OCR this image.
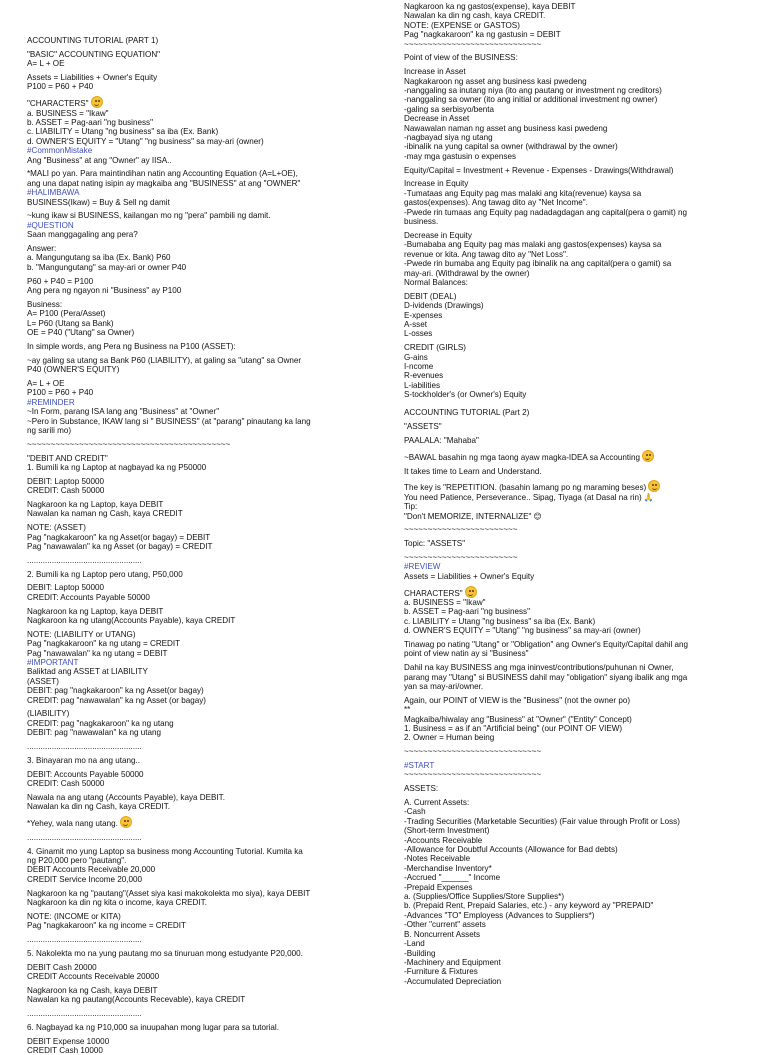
ACCOUNTING TUTORIAL (PART 1)
"BASIC" ACCOUNTING EQUATION"
A= L + OE
Assets = Liabilities + Owner's Equity
P100 = P60 + P40
"CHARACTERS"
a. BUSINESS = "Ikaw"
b. ASSET = Pag-aari "ng business"
c. LIABILITY = Utang "ng business" sa iba (Ex. Bank)
d. OWNER'S EQUITY = "Utang" "ng business" sa may-ari (owner)
#CommonMistake
Ang "Business" at ang "Owner" ay IISA..
*MALI po yan. Para maintindihan natin ang Accounting Equation (A=L+OE),
ang una dapat nating isipin ay magkaiba ang "BUSINESS" at ang "OWNER"
#HALIMBAWA
BUSINESS(Ikaw) = Buy & Sell ng damit
~kung ikaw si BUSINESS, kailangan mo ng "pera" pambili ng damit.
#QUESTION
Saan manggagaling ang pera?
Answer:
a. Mangungutang sa iba (Ex. Bank) P60
b. "Mangungutang" sa may-ari or owner P40
P60 + P40 = P100
Ang pera ng ngayon ni "Business" ay P100
Business:
A= P100 (Pera/Asset)
L= P60 (Utang sa Bank)
OE = P40 ("Utang" sa Owner)
In simple words, ang Pera ng Business na P100 (ASSET):
~ay galing sa utang sa Bank P60 (LIABILITY), at galing sa "utang" sa Owner
P40 (OWNER'S EQUITY)
A= L + OE
P100 = P60 + P40
#REMINDER
~In Form, parang ISA lang ang "Business" at "Owner"
~Pero in Substance, IKAW lang si " BUSINESS" (at "parang" pinautang ka lang
ng sarili mo)
~~~~~~~~~~~~~~~~~~~~~~~~~~~~~~~~~~~~~~~~~~~
"DEBIT AND CREDIT"
1. Bumili ka ng Laptop at nagbayad ka ng P50000
DEBIT: Laptop 50000
CREDIT: Cash 50000
Nagkaroon ka ng Laptop, kaya DEBIT
Nawalan ka naman ng Cash, kaya CREDIT
NOTE: (ASSET)
Pag "nagkakaroon" ka ng Asset(or bagay) = DEBIT
Pag "nawawalan" ka ng Asset (or bagay) = CREDIT
...................................................
2. Bumili ka ng Laptop pero utang, P50,000
DEBIT: Laptop 50000
CREDIT: Accounts Payable 50000
Nagkaroon ka ng Laptop, kaya DEBIT
Nagkaroon ka ng utang(Accounts Payable), kaya CREDIT
NOTE: (LIABILITY or UTANG)
Pag "nagkakaroon" ka ng utang = CREDIT
Pag "nawawalan" ka ng utang = DEBIT
#IMPORTANT
Baliktad ang ASSET at LIABILITY
(ASSET)
DEBIT: pag "nagkakaroon" ka ng Asset(or bagay)
CREDIT: pag "nawawalan" ka ng Asset (or bagay)
(LIABILITY)
CREDIT: pag "nagkakaroon" ka ng utang
DEBIT: pag "nawawalan" ka ng utang
...................................................
3. Binayaran mo na ang utang..
DEBIT: Accounts Payable 50000
CREDIT: Cash 50000
Nawala na ang utang (Accounts Payable), kaya DEBIT.
Nawalan ka din ng Cash, kaya CREDIT.
*Yehey, wala nang utang.
...................................................
4. Ginamit mo yung Laptop sa business mong Accounting Tutorial. Kumita ka
ng P20,000 pero "pautang".
DEBIT Accounts Receivable 20,000
CREDIT Service Income 20,000
Nagkaroon ka ng "pautang"(Asset siya kasi makokolekta mo siya), kaya DEBIT
Nagkaroon ka din ng kita o income, kaya CREDIT.
NOTE: (INCOME or KITA)
Pag "nagkakaroon" ka ng income = CREDIT
...................................................
5. Nakolekta mo na yung pautang mo sa tinuruan mong estudyante P20,000.
DEBIT Cash 20000
CREDIT Accounts Receivable 20000
Nagkaroon ka ng Cash, kaya DEBIT
Nawalan ka ng pautang(Accounts Recevable), kaya CREDIT
...................................................
6. Nagbayad ka ng P10,000 sa inuupahan mong lugar para sa tutorial.
DEBIT Expense 10000
CREDIT Cash 10000
Nagkaroon ka ng gastos(expense), kaya DEBIT
Nawalan ka din ng cash, kaya CREDIT.
NOTE: (EXPENSE or GASTOS)
Pag "nagkakaroon" ka ng gastusin = DEBIT
~~~~~~~~~~~~~~~~~~~~~~~~~~~~~
Point of view of the BUSINESS:
Increase in Asset
Nagkakaroon ng asset ang business kasi pwedeng
-nanggaling sa inutang niya (ito ang pautang or investment ng creditors)
-nanggaling sa owner (ito ang initial or additional investment ng owner)
-galing sa serbisyo/benta
Decrease in Asset
Nawawalan naman ng asset ang business kasi pwedeng
-nagbayad siya ng utang
-ibinalik na yung capital sa owner (withdrawal by the owner)
-may mga gastusin o expenses
Equity/Capital = Investment + Revenue - Expenses - Drawings(Withdrawal)
Increase in Equity
-Tumataas ang Equity pag mas malaki ang kita(revenue) kaysa sa
gastos(expenses). Ang tawag dito ay "Net Income".
-Pwede rin tumaas ang Equity pag nadadagdagan ang capital(pera o gamit) ng
business.
Decrease in Equity
-Bumababa ang Equity pag mas malaki ang gastos(expenses) kaysa sa
revenue or kita. Ang tawag dito ay "Net Loss".
-Pwede rin bumaba ang Equity pag ibinalik na ang capital(pera o gamit) sa
may-ari. (Withdrawal by the owner)
Normal Balances:
DEBIT (DEAL)
D-ividends (Drawings)
E-xpenses
A-sset
L-osses
CREDIT (GIRLS)
G-ains
I-ncome
R-evenues
L-iabilities
S-tockholder's (or Owner's) Equity
ACCOUNTING TUTORIAL (Part 2)
"ASSETS"
PAALALA: "Mahaba"
~BAWAL basahin ng mga taong ayaw magka-IDEA sa Accounting
It takes time to Learn and Understand.
The key is "REPETITION. (basahin lamang po ng maraming beses)
You need Patience, Perseverance.. Sipag, Tiyaga (at Dasal na rin) 🙏
Tip:
"Don't MEMORIZE, INTERNALIZE" 😊
~~~~~~~~~~~~~~~~~~~~~~~~
Topic: "ASSETS"
~~~~~~~~~~~~~~~~~~~~~~~~
#REVIEW
Assets = Liabilities + Owner's Equity
CHARACTERS"
a. BUSINESS = "Ikaw"
b. ASSET = Pag-aari "ng business"
c. LIABILITY = Utang "ng business" sa iba (Ex. Bank)
d. OWNER'S EQUITY = "Utang" "ng business" sa may-ari (owner)
Tinawag po nating "Utang" or "Obligation" ang Owner's Equity/Capital dahil ang
point of view natin ay si "Business"
Dahil na kay BUSINESS ang mga ininvest/contributions/puhunan ni Owner,
parang may "Utang" si BUSINESS dahil may "obligation" siyang ibalik ang mga
yan sa may-ari/owner.
Again, our POINT of VIEW is the "Business" (not the owner po)
**
Magkaiba/hiwalay ang "Business" at "Owner" ("Entity" Concept)
1. Business = as if an "Artificial being" (our POINT OF VIEW)
2. Owner = Human being
~~~~~~~~~~~~~~~~~~~~~~~~~~~~~
#START
~~~~~~~~~~~~~~~~~~~~~~~~~~~~~
ASSETS:
A. Current Assets:
-Cash
-Trading Securities (Marketable Securities) (Fair value through Profit or Loss)
(Short-term Investment)
-Accounts Receivable
-Allowance for Doubtful Accounts (Allowance for Bad debts)
-Notes Receivable
-Merchandise Inventory*
-Accrued "______" Income
-Prepaid Expenses
a. (Supplies/Office Supplies/Store Supplies*)
b. (Prepaid Rent, Prepaid Salaries, etc.) - any keyword ay "PREPAID"
-Advances "TO" Employess (Advances to Suppliers*)
-Other "current" assets
B. Noncurrent Assets
-Land
-Building
-Machinery and Equipment
-Furniture & Fixtures
-Accumulated Depreciation
